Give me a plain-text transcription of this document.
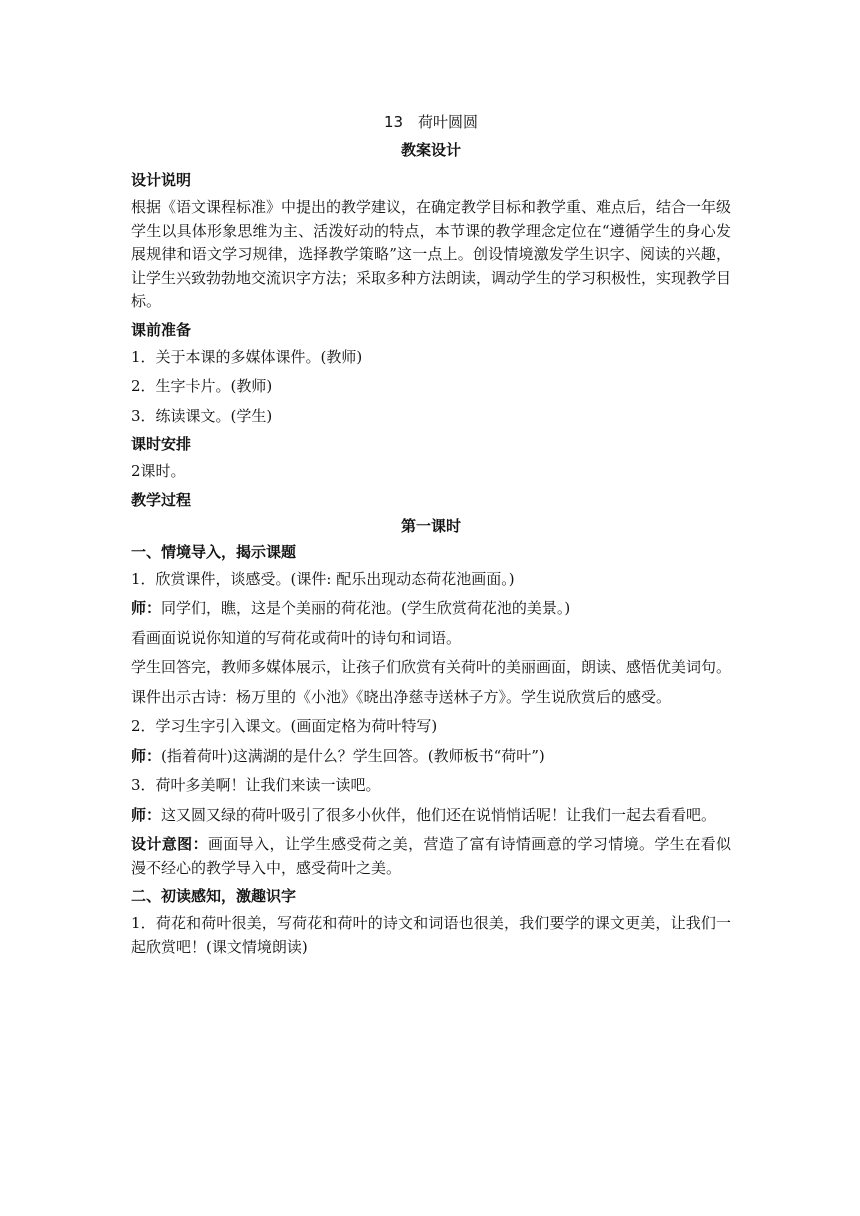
13　荷叶圆圆
教案设计
设计说明
根据《语文课程标准》中提出的教学建议，在确定教学目标和教学重、难点后，结合一年级学生以具体形象思维为主、活泼好动的特点，本节课的教学理念定位在“遵循学生的身心发展规律和语文学习规律，选择教学策略”这一点上。创设情境激发学生识字、阅读的兴趣，让学生兴致勃勃地交流识字方法；采取多种方法朗读，调动学生的学习积极性，实现教学目标。
课前准备
1．关于本课的多媒体课件。(教师)
2．生字卡片。(教师)
3．练读课文。(学生)
课时安排
2课时。
教学过程
第一课时
一、情境导入，揭示课题
1．欣赏课件，谈感受。(课件: 配乐出现动态荷花池画面。)
师：同学们，瞧，这是个美丽的荷花池。(学生欣赏荷花池的美景。)
看画面说说你知道的写荷花或荷叶的诗句和词语。
学生回答完，教师多媒体展示，让孩子们欣赏有关荷叶的美丽画面，朗读、感悟优美词句。
课件出示古诗：杨万里的《小池》《晓出净慈寺送林子方》。学生说欣赏后的感受。
2．学习生字引入课文。(画面定格为荷叶特写)
师：(指着荷叶)这满湖的是什么？学生回答。(教师板书“荷叶”)
3．荷叶多美啊！让我们来读一读吧。
师：这又圆又绿的荷叶吸引了很多小伙伴，他们还在说悄悄话呢！让我们一起去看看吧。
设计意图：画面导入，让学生感受荷之美，营造了富有诗情画意的学习情境。学生在看似漫不经心的教学导入中，感受荷叶之美。
二、初读感知，激趣识字
1．荷花和荷叶很美，写荷花和荷叶的诗文和词语也很美，我们要学的课文更美，让我们一起欣赏吧！(课文情境朗读)
